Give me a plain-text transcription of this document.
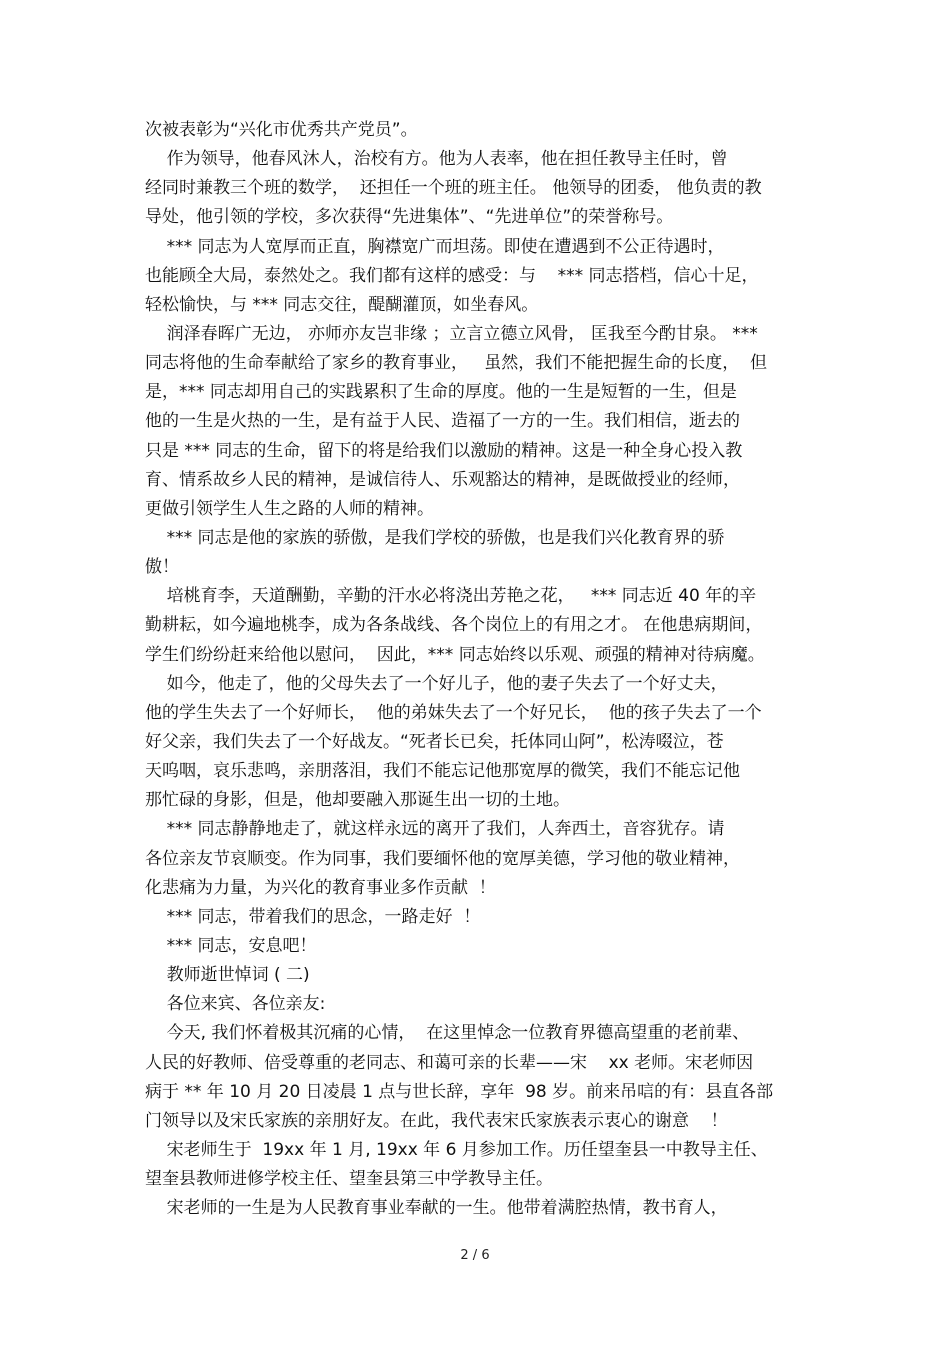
次被表彰为“兴化市优秀共产党员”。
作为领导，他春风沐人，治校有方。他为人表率，他在担任教导主任时，曾
经同时兼教三个班的数学，  还担任一个班的班主任。 他领导的团委， 他负责的教
导处，他引领的学校，多次获得“先进集体”、“先进单位”的荣誉称号。
*** 同志为人宽厚而正直，胸襟宽广而坦荡。即使在遭遇到不公正待遇时，
也能顾全大局，泰然处之。我们都有这样的感受：与    *** 同志搭档，信心十足，
轻松愉快，与 *** 同志交往，醍醐灌顶，如坐春风。
润泽春晖广无边， 亦师亦友岂非缘 ；立言立德立风骨， 匡我至今酌甘泉。 ***
同志将他的生命奉献给了家乡的教育事业，   虽然，我们不能把握生命的长度，  但
是，*** 同志却用自己的实践累积了生命的厚度。他的一生是短暂的一生，但是
他的一生是火热的一生，是有益于人民、造福了一方的一生。我们相信，逝去的
只是 *** 同志的生命，留下的将是给我们以激励的精神。这是一种全身心投入教
育、情系故乡人民的精神，是诚信待人、乐观豁达的精神，是既做授业的经师，
更做引领学生人生之路的人师的精神。
*** 同志是他的家族的骄傲，是我们学校的骄傲，也是我们兴化教育界的骄
傲！
培桃育李，天道酬勤，辛勤的汗水必将浇出芳艳之花，   *** 同志近 40 年的辛
勤耕耘，如今遍地桃李，成为各条战线、各个岗位上的有用之才。 在他患病期间，
学生们纷纷赶来给他以慰问，  因此，*** 同志始终以乐观、顽强的精神对待病魔。
如今，他走了，他的父母失去了一个好儿子，他的妻子失去了一个好丈夫，
他的学生失去了一个好师长，  他的弟妹失去了一个好兄长，  他的孩子失去了一个
好父亲，我们失去了一个好战友。“死者长已矣，托体同山阿”，松涛啜泣，苍
天呜咽，哀乐悲鸣，亲朋落泪，我们不能忘记他那宽厚的微笑，我们不能忘记他
那忙碌的身影，但是，他却要融入那诞生出一切的土地。
*** 同志静静地走了，就这样永远的离开了我们，人奔西土，音容犹存。请
各位亲友节哀顺变。作为同事，我们要缅怀他的宽厚美德，学习他的敬业精神，
化悲痛为力量，为兴化的教育事业多作贡献  ！
*** 同志，带着我们的思念，一路走好  ！
*** 同志，安息吧！
教师逝世悼词 ( 二)
各位来宾、各位亲友:
今天, 我们怀着极其沉痛的心情，  在这里悼念一位教育界德高望重的老前辈、
人民的好教师、倍受尊重的老同志、和蔼可亲的长辈——宋    xx 老师。宋老师因
病于 ** 年 10 月 20 日凌晨 1 点与世长辞，享年  98 岁。前来吊唁的有：县直各部
门领导以及宋氏家族的亲朋好友。在此，我代表宋氏家族表示衷心的谢意    ！
宋老师生于  19xx 年 1 月, 19xx 年 6 月参加工作。历任望奎县一中教导主任、
望奎县教师进修学校主任、望奎县第三中学教导主任。
宋老师的一生是为人民教育事业奉献的一生。他带着满腔热情，教书育人，
2 / 6
